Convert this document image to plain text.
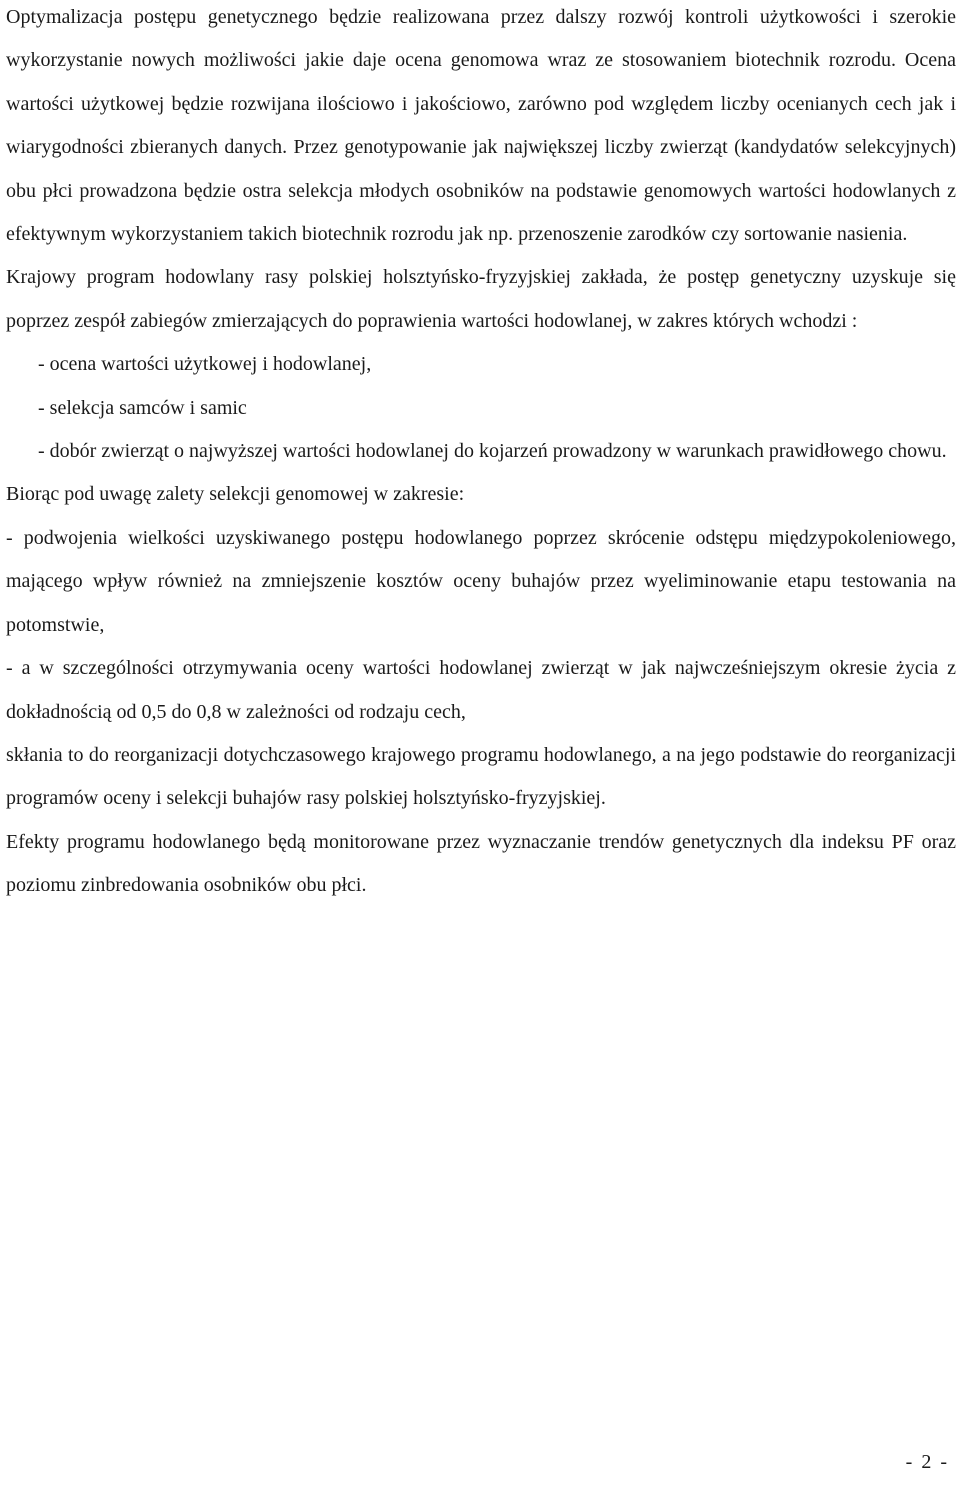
Optymalizacja postępu genetycznego będzie realizowana przez dalszy rozwój kontroli użytkowości i szerokie wykorzystanie nowych możliwości jakie daje ocena genomowa wraz ze stosowaniem biotechnik rozrodu. Ocena wartości użytkowej będzie rozwijana ilościowo i jakościowo, zarówno pod względem liczby ocenianych cech jak i wiarygodności zbieranych danych. Przez genotypowanie jak największej liczby zwierząt (kandydatów selekcyjnych) obu płci prowadzona będzie ostra selekcja młodych osobników na podstawie genomowych wartości hodowlanych z efektywnym wykorzystaniem takich biotechnik rozrodu jak np. przenoszenie zarodków czy sortowanie nasienia.

Krajowy program hodowlany rasy polskiej holsztyńsko-fryzyjskiej zakłada, że postęp genetyczny uzyskuje się poprzez zespół zabiegów zmierzających do poprawienia wartości hodowlanej, w zakres których wchodzi :

- ocena wartości użytkowej i hodowlanej,
- selekcja samców i samic
- dobór zwierząt o najwyższej wartości hodowlanej do kojarzeń prowadzony w warunkach prawidłowego chowu.

Biorąc pod uwagę zalety selekcji genomowej w zakresie:

- podwojenia wielkości uzyskiwanego postępu hodowlanego poprzez skrócenie odstępu międzypokoleniowego, mającego wpływ również na zmniejszenie kosztów oceny buhajów przez wyeliminowanie etapu testowania na potomstwie,

- a w szczególności otrzymywania oceny wartości hodowlanej zwierząt w jak najwcześniejszym okresie życia z dokładnością od 0,5 do 0,8 w zależności od rodzaju cech,

skłania to do reorganizacji dotychczasowego krajowego programu hodowlanego, a na jego podstawie do reorganizacji programów oceny i selekcji buhajów rasy polskiej holsztyńsko-fryzyjskiej.

Efekty programu hodowlanego będą monitorowane przez wyznaczanie trendów genetycznych dla indeksu PF oraz poziomu zinbredowania osobników obu płci.

- 2 -
